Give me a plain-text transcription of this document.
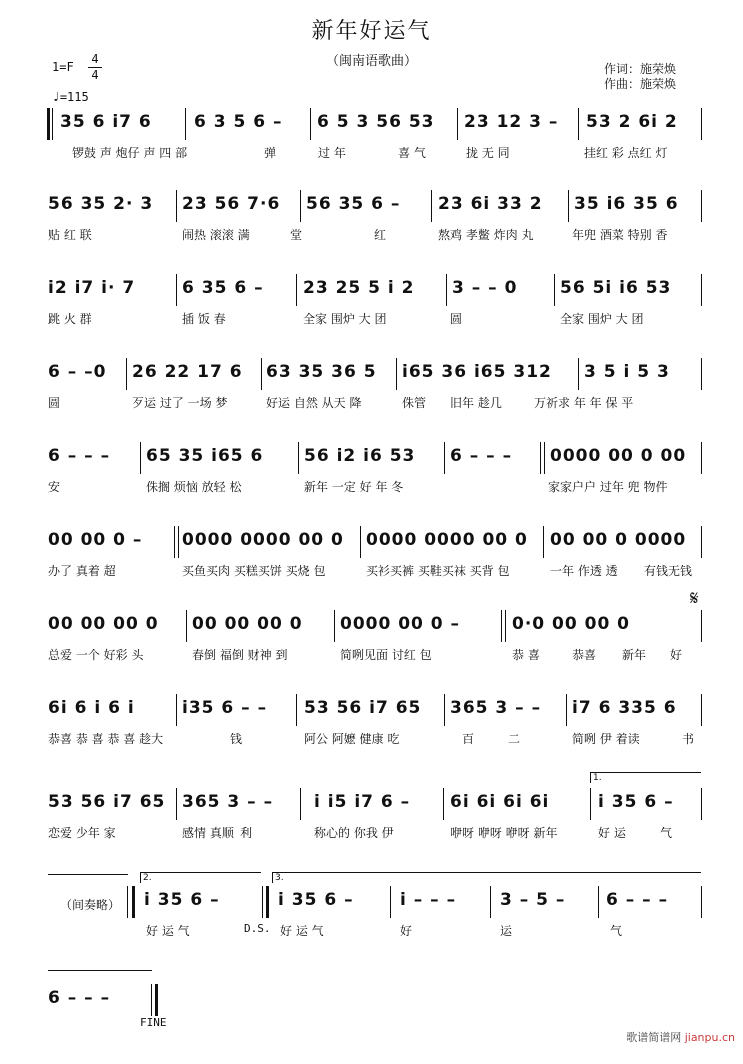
新年好运气
（闽南语歌曲）
$1=F \frac{4}{4}$
♩=115
作词：施荣焕
作曲：施荣焕
35 6 i7 6 6 3 5 6 – 6 5 3 56 53 23 12 3 – 53 2 6i 2
锣鼓 声 炮仔 声 四 部	弹	过 年	喜 气	拢 无 同	挂红 彩 点红 灯
56 35 2· 3 23 56 7·6 56 35 6 – 23 6i 33 2 35 i6 35 6
贴 红 联	闹热 滚滚 满	堂	红	熬鸡 孝鳖 炸肉 丸	年兜 酒菜 特别 香
i2 i7 i· 7	6 35 6 – 23 25 5 i 2 3 – – 0	56 5i i6 53
跳 火 群	插 饭 春	全家 围炉 大 团	圆	全家 围炉 大 团
6 – –0 26 22 17 6 63 35 36 5 i65 36 i65 312 3 5 i 5 3
圆	歹运 过了 一场 梦	好运 自然 从天 降	侏管 旧年 趁几	万祈求 年 年 保 平
6 – – – 65 35 i65 6 56 i2 i6 53 6 – – – 0000 00 0 00
安	侏搁 烦恼 放轻 松	新年 一定 好 年 冬	家家户户 过年 兜 物件
00 00 0 – 0000 0000 00 0 0000 0000 00 0 00 00 0 0000
办了 真着 超	买鱼买肉 买糕买饼 买烧 包	买衫买裤 买鞋买袜 买背 包	一年 作透 透 有钱无钱
00 00 00 0 00 00 00 0 0000 00 0 –	0·0 00 00 0
𝄋
总爱 一个 好彩 头	春倒 福倒 财神 到	简咧见面 讨红 包	恭 喜	恭喜 新年 好
6i 6 i 6 i	i35 6 – – 53 56 i7 65 365 3 – – i7 6 335 6
恭喜 恭 喜 恭 喜 趁大	钱	阿公 阿嬷 健康 吃	百	二	简咧 伊 着读	书
1.
53 56 i7 65 365 3 – – i i5 i7 6 – 6i 6i 6i 6i	i 35 6 –
恋爱 少年 家	感情 真顺 利	称心的 你我 伊	咿呀 咿呀 咿呀 新年	好 运	气
2.	3.
（间奏略） i 35 6 –	i 35 6 –	i – – –	3 – 5 – 6 – – –
好 运 气	D.S. 好 运 气	好	运	气
6 – – –
FINE
歌谱简谱网 jianpu.cn
